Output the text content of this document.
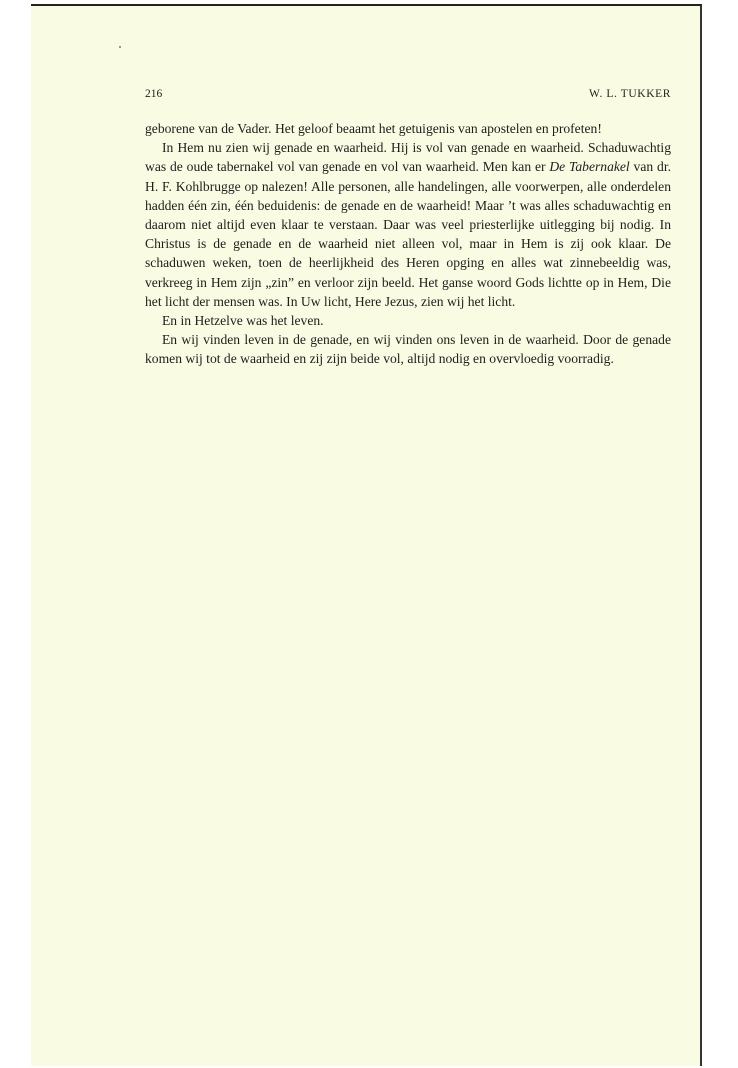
216	W. L. TUKKER

geborene van de Vader. Het geloof beaamt het getuigenis van apostelen en profeten!

In Hem nu zien wij genade en waarheid. Hij is vol van genade en waarheid. Schaduwachtig was de oude tabernakel vol van genade en vol van waarheid. Men kan er De Tabernakel van dr. H. F. Kohlbrugge op nalezen! Alle personen, alle handelingen, alle voorwerpen, alle onderdelen hadden één zin, één beduidenis: de genade en de waarheid! Maar ’t was alles schaduwachtig en daarom niet altijd even klaar te verstaan. Daar was veel priesterlijke uitlegging bij nodig. In Christus is de genade en de waarheid niet alleen vol, maar in Hem is zij ook klaar. De schaduwen weken, toen de heerlijkheid des Heren opging en alles wat zinnebeeldig was, verkreeg in Hem zijn „zin” en verloor zijn beeld. Het ganse woord Gods lichtte op in Hem, Die het licht der mensen was. In Uw licht, Here Jezus, zien wij het licht.

En in Hetzelve was het leven.

En wij vinden leven in de genade, en wij vinden ons leven in de waarheid. Door de genade komen wij tot de waarheid en zij zijn beide vol, altijd nodig en overvloedig voorradig.
